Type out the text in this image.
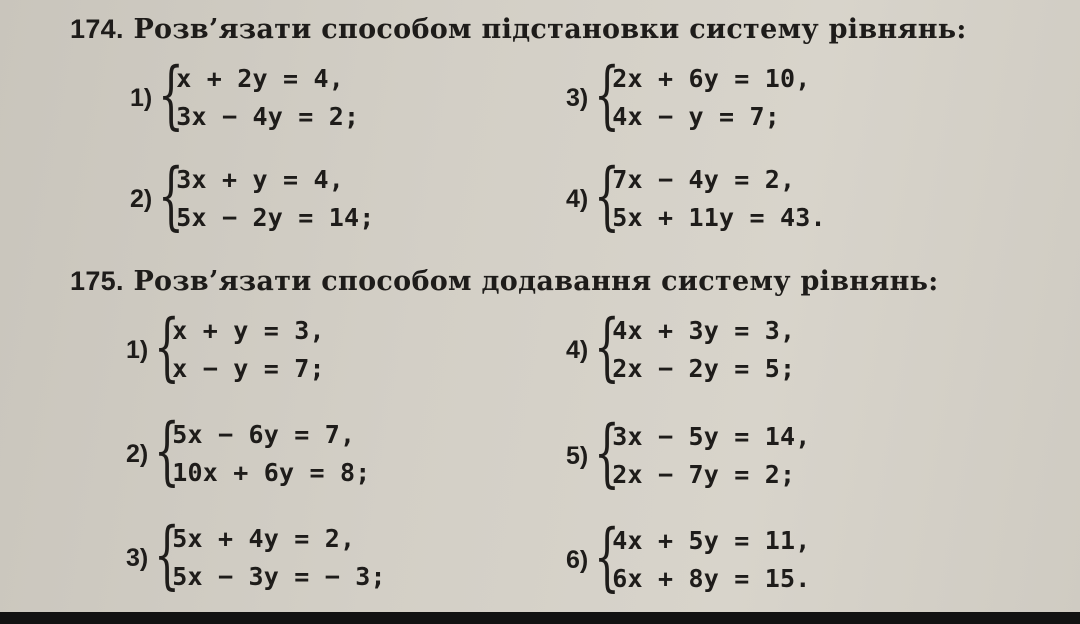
174. Розв’язати способом підстановки систему рівнянь:
1) {
x + 2y = 4,
3x − 4y = 2;
2) {
3x + y = 4,
5x − 2y = 14;
3) {
2x + 6y = 10,
4x − y = 7;
4) {
7x − 4y = 2,
5x + 11y = 43.
175. Розв’язати способом додавання систему рівнянь:
1) {
x + y = 3,
x − y = 7;
2) {
5x − 6y = 7,
10x + 6y = 8;
3) {
5x + 4y = 2,
5x − 3y = − 3;
4) {
4x + 3y = 3,
2x − 2y = 5;
5) {
3x − 5y = 14,
2x − 7y = 2;
6) {
4x + 5y = 11,
6x + 8y = 15.
